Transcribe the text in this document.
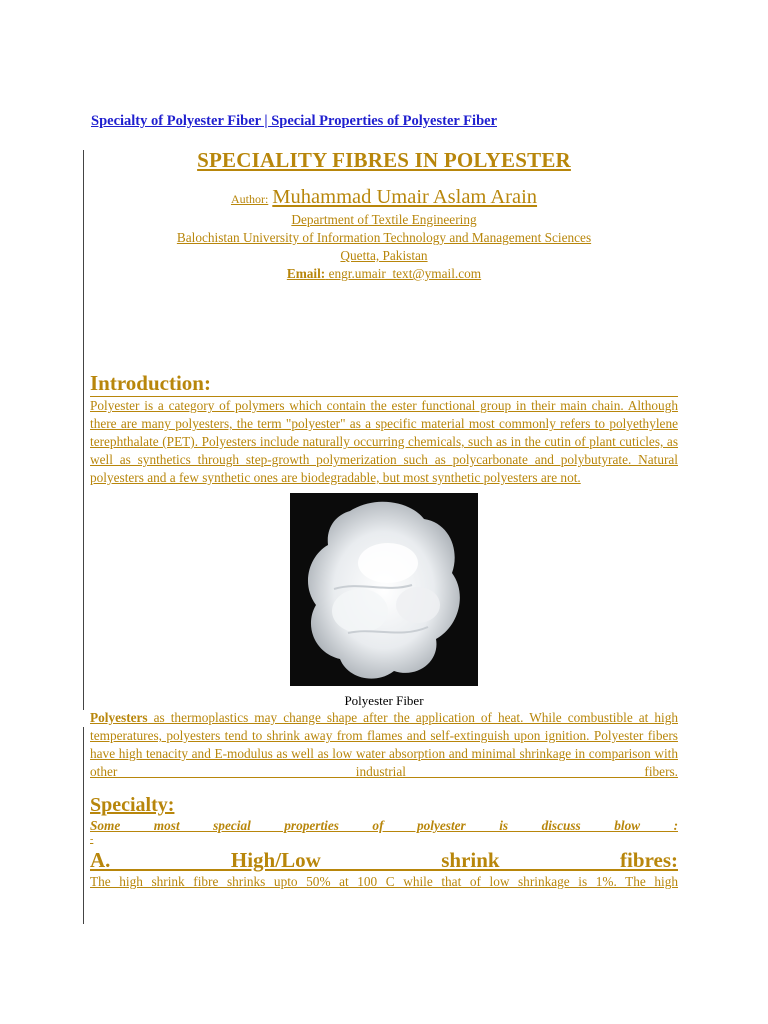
Specialty of Polyester Fiber | Special Properties of Polyester Fiber

SPECIALITY FIBRES IN POLYESTER

Author: Muhammad Umair Aslam Arain
Department of Textile Engineering
Balochistan University of Information Technology and Management Sciences
Quetta, Pakistan
Email: engr.umair_text@ymail.com
Introduction:

Polyester is a category of polymers which contain the ester functional group in their main chain. Although there are many polyesters, the term "polyester" as a specific material most commonly refers to polyethylene terephthalate (PET). Polyesters include naturally occurring chemicals, such as in the cutin of plant cuticles, as well as synthetics through step-growth polymerization such as polycarbonate and polybutyrate. Natural polyesters and a few synthetic ones are biodegradable, but most synthetic polyesters are not.

Polyester Fiber

Polyesters as thermoplastics may change shape after the application of heat. While combustible at high temperatures, polyesters tend to shrink away from flames and self-extinguish upon ignition. Polyester fibers have high tenacity and E-modulus as well as low water absorption and minimal shrinkage in comparison with other industrial fibers.

Specialty:
Some most special properties of polyester is discuss blow :
-
A. High/Low shrink fibres:

The high shrink fibre shrinks upto 50% at 100 C while that of low shrinkage is 1%. The high
